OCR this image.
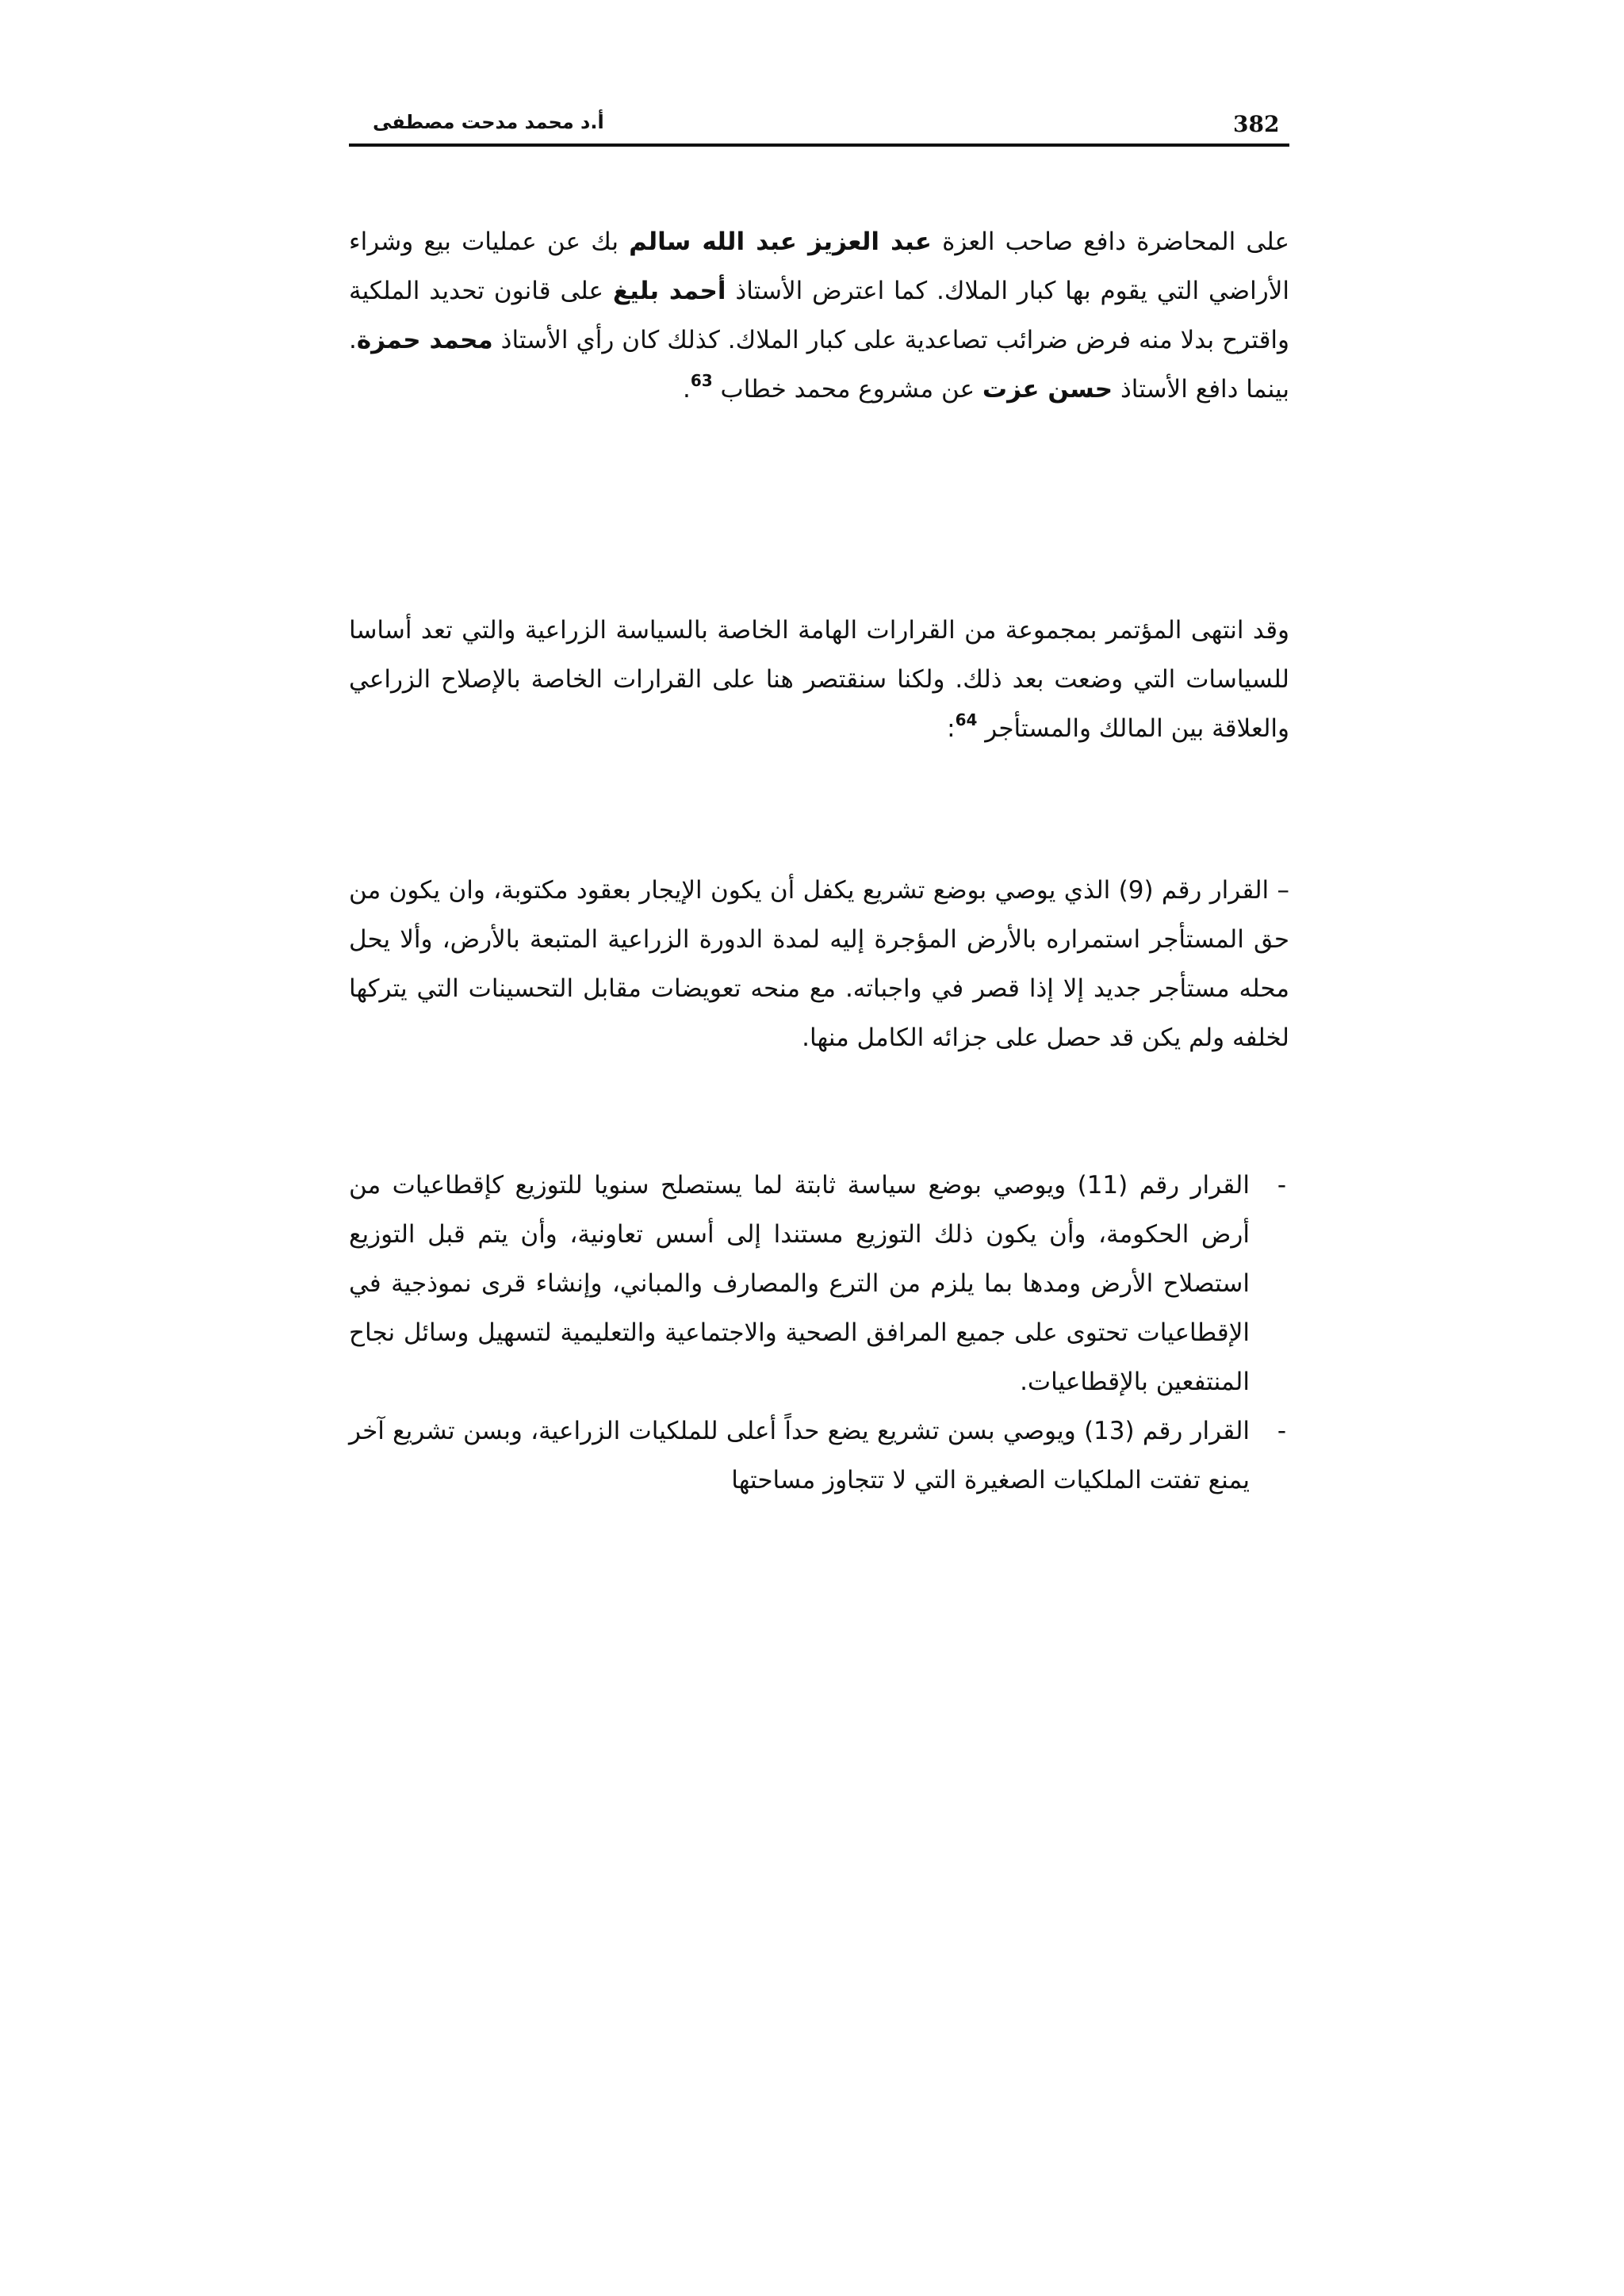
382
أ.د محمد مدحت مصطفى

على المحاضرة دافع صاحب العزة عبد العزيز عبد الله سالم بك عن عمليات بيع وشراء الأراضي التي يقوم بها كبار الملاك. كما اعترض الأستاذ أحمد بليغ على قانون تحديد الملكية واقترح بدلا منه فرض ضرائب تصاعدية على كبار الملاك. كذلك كان رأي الأستاذ محمد حمزة. بينما دافع الأستاذ حسن عزت عن مشروع محمد خطاب $^{63}$.

وقد انتهى المؤتمر بمجموعة من القرارات الهامة الخاصة بالسياسة الزراعية والتي تعد أساسا للسياسات التي وضعت بعد ذلك. ولكنا سنقتصر هنا على القرارات الخاصة بالإصلاح الزراعي والعلاقة بين المالك والمستأجر $^{64}$:

– القرار رقم (9) الذي يوصي بوضع تشريع يكفل أن يكون الإيجار بعقود مكتوبة، وان يكون من حق المستأجر استمراره بالأرض المؤجرة إليه لمدة الدورة الزراعية المتبعة بالأرض، وألا يحل محله مستأجر جديد إلا إذا قصر في واجباته. مع منحه تعويضات مقابل التحسينات التي يتركها لخلفه ولم يكن قد حصل على جزائه الكامل منها.

-
القرار رقم (11) ويوصي بوضع سياسة ثابتة لما يستصلح سنويا للتوزيع كإقطاعيات من أرض الحكومة، وأن يكون ذلك التوزيع مستندا إلى أسس تعاونية، وأن يتم قبل التوزيع استصلاح الأرض ومدها بما يلزم من الترع والمصارف والمباني، وإنشاء قرى نموذجية في الإقطاعيات تحتوى على جميع المرافق الصحية والاجتماعية والتعليمية لتسهيل وسائل نجاح المنتفعين بالإقطاعيات.
-
القرار رقم (13) ويوصي بسن تشريع يضع حداً أعلى للملكيات الزراعية، وبسن تشريع آخر يمنع تفتت الملكيات الصغيرة التي لا تتجاوز مساحتها
